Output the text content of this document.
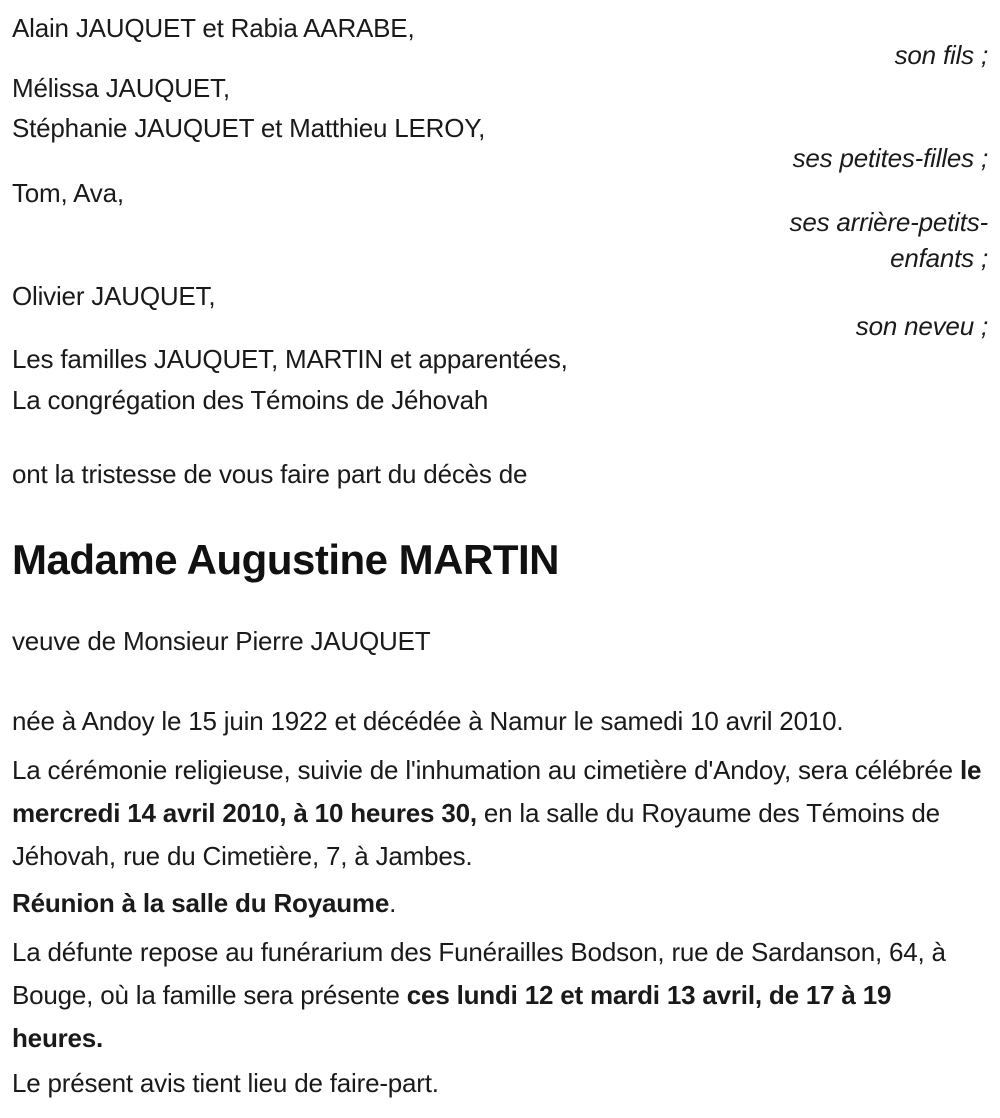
Alain JAUQUET et Rabia AARABE,
son fils ;
Mélissa JAUQUET,
Stéphanie JAUQUET et Matthieu LEROY,
ses petites-filles ;
Tom, Ava,
ses arrière-petits-enfants ;
Olivier JAUQUET,
son neveu ;
Les familles JAUQUET, MARTIN et apparentées,
La congrégation des Témoins de Jéhovah

ont la tristesse de vous faire part du décès de

Madame Augustine MARTIN

veuve de Monsieur Pierre JAUQUET

née à Andoy le 15 juin 1922 et décédée à Namur le samedi 10 avril 2010.

La cérémonie religieuse, suivie de l'inhumation au cimetière d'Andoy, sera célébrée le mercredi 14 avril 2010, à 10 heures 30, en la salle du Royaume des Témoins de Jéhovah, rue du Cimetière, 7, à Jambes.

Réunion à la salle du Royaume.

La défunte repose au funérarium des Funérailles Bodson, rue de Sardanson, 64, à Bouge, où la famille sera présente ces lundi 12 et mardi 13 avril, de 17 à 19 heures.

Le présent avis tient lieu de faire-part.
